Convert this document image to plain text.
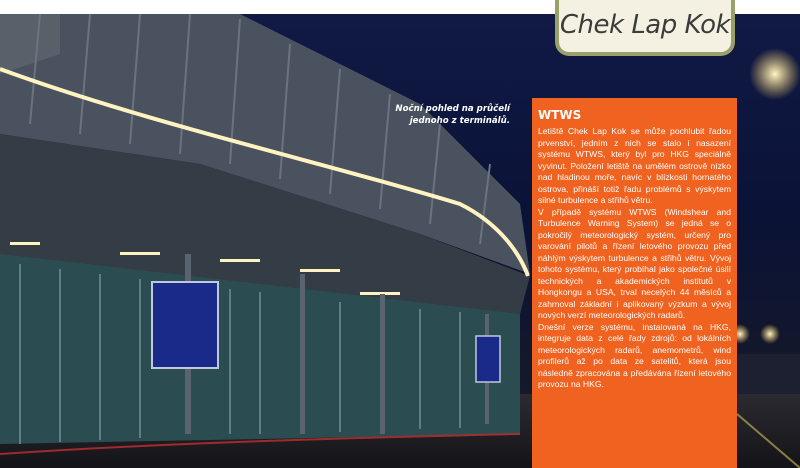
Chek Lap Kok
Noční pohled na průčelí jednoho z terminálů. WTWS

Letiště Chek Lap Kok se může pochlubit řadou prvenství, jedním z nich se stalo i nasazení systému WTWS, který byl pro HKG speciálně vyvinut. Položení letiště na umělém ostrově nízko nad hladinou moře, navíc v blízkosti hornatého ostrova, přináší totiž řadu problémů s výskytem silné turbulence a střihů větru.

V případě systému WTWS (Windshear and Turbulence Warning System) se jedná se o pokročilý meteorologický systém, určený pro varování pilotů a řízení letového provozu před náhlým výskytem turbulence a střihů větru. Vývoj tohoto systému, který probíhal jako společné úsilí technických a akademických institutů v Hongkongu a USA, trval necelých 44 měsíců a zahrnoval základní i aplikovaný výzkum a vývoj nových verzí meteorologických radarů.

Dnešní verze systému, instalovaná na HKG, integruje data z celé řady zdrojů: od lokálních meteorologických radarů, anemometrů, wind profilerů až po data ze satelitů, která jsou následně zpracována a předávána řízení letového provozu na HKG.
